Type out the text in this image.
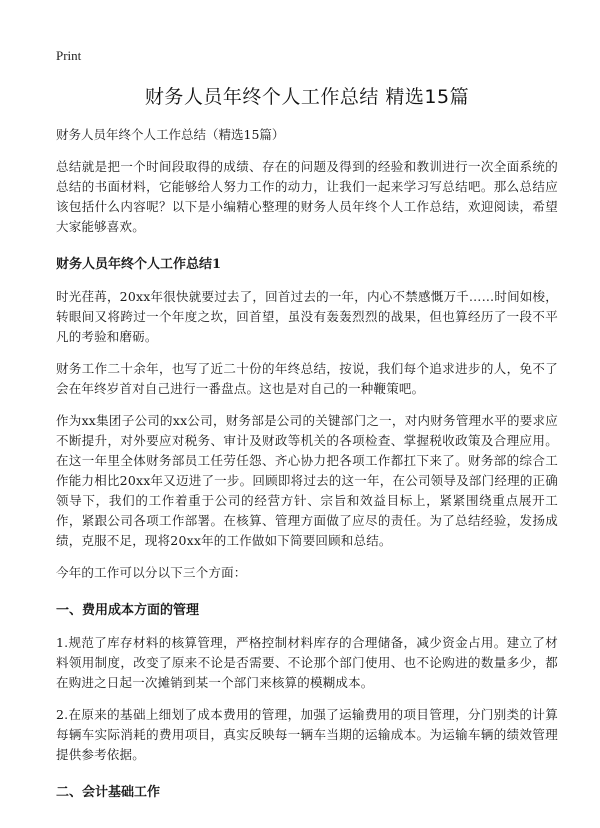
Print
财务人员年终个人工作总结 精选15篇
财务人员年终个人工作总结（精选15篇）

总结就是把一个时间段取得的成绩、存在的问题及得到的经验和教训进行一次全面系统的总结的书面材料，它能够给人努力工作的动力，让我们一起来学习写总结吧。那么总结应该包括什么内容呢？以下是小编精心整理的财务人员年终个人工作总结，欢迎阅读，希望大家能够喜欢。

财务人员年终个人工作总结1

时光荏苒，20xx年很快就要过去了，回首过去的一年，内心不禁感慨万千……时间如梭，转眼间又将跨过一个年度之坎，回首望，虽没有轰轰烈烈的战果，但也算经历了一段不平凡的考验和磨砺。

财务工作二十余年，也写了近二十份的年终总结，按说，我们每个追求进步的人，免不了会在年终岁首对自己进行一番盘点。这也是对自己的一种鞭策吧。

作为xx集团子公司的xx公司，财务部是公司的关键部门之一，对内财务管理水平的要求应不断提升，对外要应对税务、审计及财政等机关的各项检查、掌握税收政策及合理应用。在这一年里全体财务部员工任劳任怨、齐心协力把各项工作都扛下来了。财务部的综合工作能力相比20xx年又迈进了一步。回顾即将过去的这一年，在公司领导及部门经理的正确领导下，我们的工作着重于公司的经营方针、宗旨和效益目标上，紧紧围绕重点展开工作，紧跟公司各项工作部署。在核算、管理方面做了应尽的责任。为了总结经验，发扬成绩，克服不足，现将20xx年的工作做如下简要回顾和总结。

今年的工作可以分以下三个方面：

一、费用成本方面的管理

1.规范了库存材料的核算管理，严格控制材料库存的合理储备，减少资金占用。建立了材料领用制度，改变了原来不论是否需要、不论那个部门使用、也不论购进的数量多少，都在购进之日起一次摊销到某一个部门来核算的模糊成本。

2.在原来的基础上细划了成本费用的管理，加强了运输费用的项目管理，分门别类的计算每辆车实际消耗的费用项目，真实反映每一辆车当期的运输成本。为运输车辆的绩效管理提供参考依据。

二、会计基础工作
